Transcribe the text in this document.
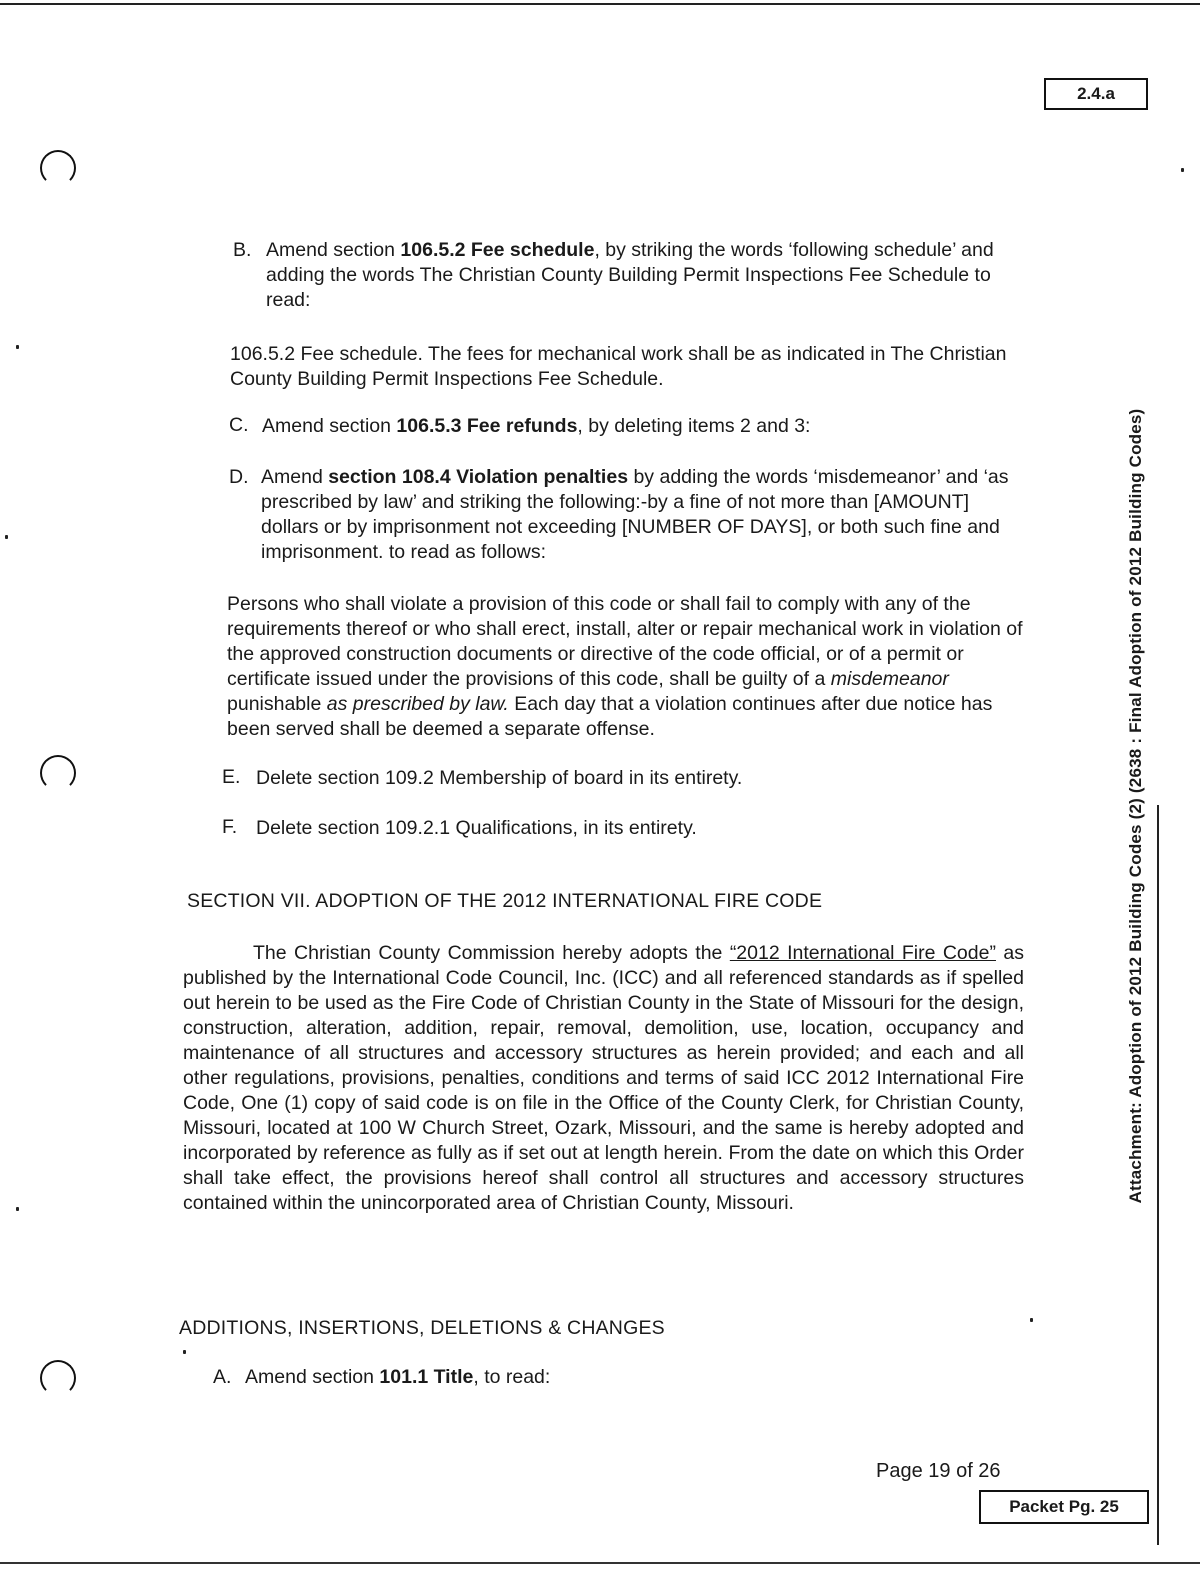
2.4.a
Attachment: Adoption of 2012 Building Codes (2) (2638 : Final Adoption of 2012 Building Codes)
B. Amend section 106.5.2 Fee schedule, by striking the words ‘following schedule’ and adding the words The Christian County Building Permit Inspections Fee Schedule to read:

106.5.2 Fee schedule. The fees for mechanical work shall be as indicated in The Christian County Building Permit Inspections Fee Schedule.

C. Amend section 106.5.3 Fee refunds, by deleting items 2 and 3:

D. Amend section 108.4 Violation penalties by adding the words ‘misdemeanor’ and ‘as prescribed by law’ and striking the following:-by a fine of not more than [AMOUNT] dollars or by imprisonment not exceeding [NUMBER OF DAYS], or both such fine and imprisonment. to read as follows:

Persons who shall violate a provision of this code or shall fail to comply with any of the requirements thereof or who shall erect, install, alter or repair mechanical work in violation of the approved construction documents or directive of the code official, or of a permit or certificate issued under the provisions of this code, shall be guilty of a misdemeanor punishable as prescribed by law. Each day that a violation continues after due notice has been served shall be deemed a separate offense.

E. Delete section 109.2 Membership of board in its entirety.

F. Delete section 109.2.1 Qualifications, in its entirety.

SECTION VII. ADOPTION OF THE 2012 INTERNATIONAL FIRE CODE

The Christian County Commission hereby adopts the “2012 International Fire Code” as published by the International Code Council, Inc. (ICC) and all referenced standards as if spelled out herein to be used as the Fire Code of Christian County in the State of Missouri for the design, construction, alteration, addition, repair, removal, demolition, use, location, occupancy and maintenance of all structures and accessory structures as herein provided; and each and all other regulations, provisions, penalties, conditions and terms of said ICC 2012 International Fire Code, One (1) copy of said code is on file in the Office of the County Clerk, for Christian County, Missouri, located at 100 W Church Street, Ozark, Missouri, and the same is hereby adopted and incorporated by reference as fully as if set out at length herein. From the date on which this Order shall take effect, the provisions hereof shall control all structures and accessory structures contained within the unincorporated area of Christian County, Missouri.

ADDITIONS, INSERTIONS, DELETIONS & CHANGES
A. Amend section 101.1 Title, to read:

Page 19 of 26
Packet Pg. 25
